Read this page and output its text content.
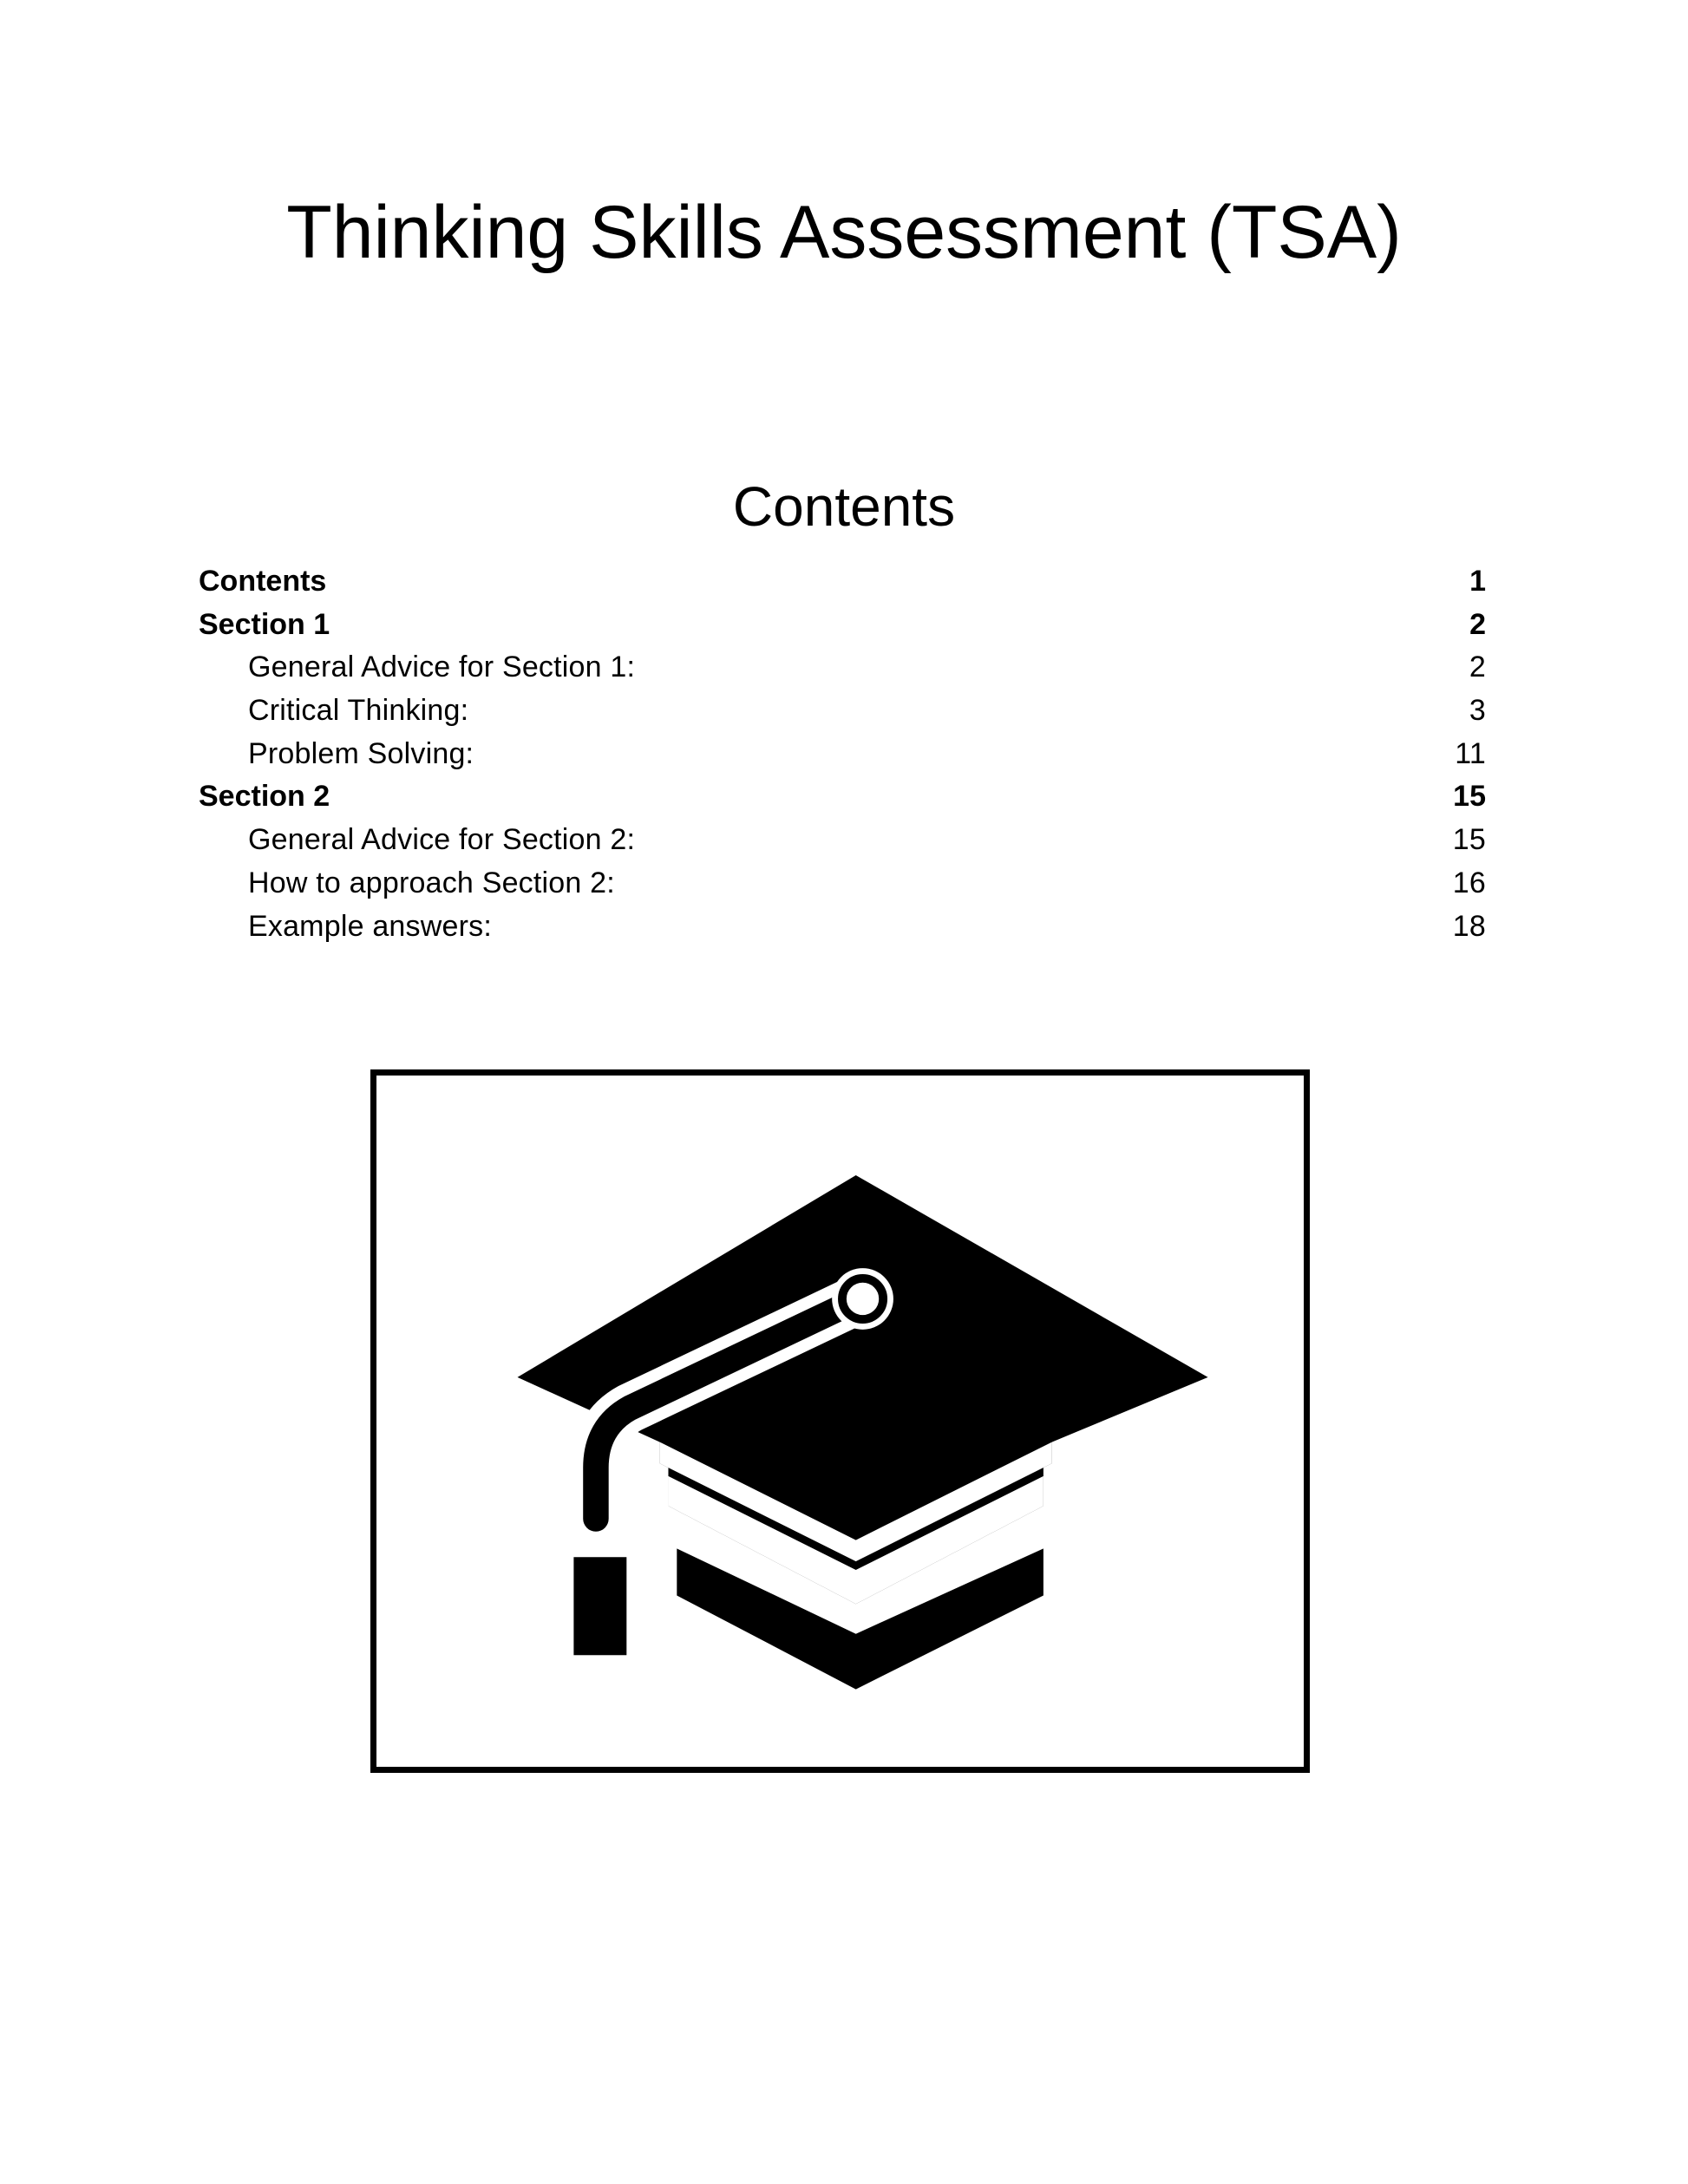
Thinking Skills Assessment (TSA)
Contents
Contents	1
Section 1	2
General Advice for Section 1:	2
Critical Thinking:	3
Problem Solving:	11
Section 2	15
General Advice for Section 2:	15
How to approach Section 2:	16
Example answers:	18
